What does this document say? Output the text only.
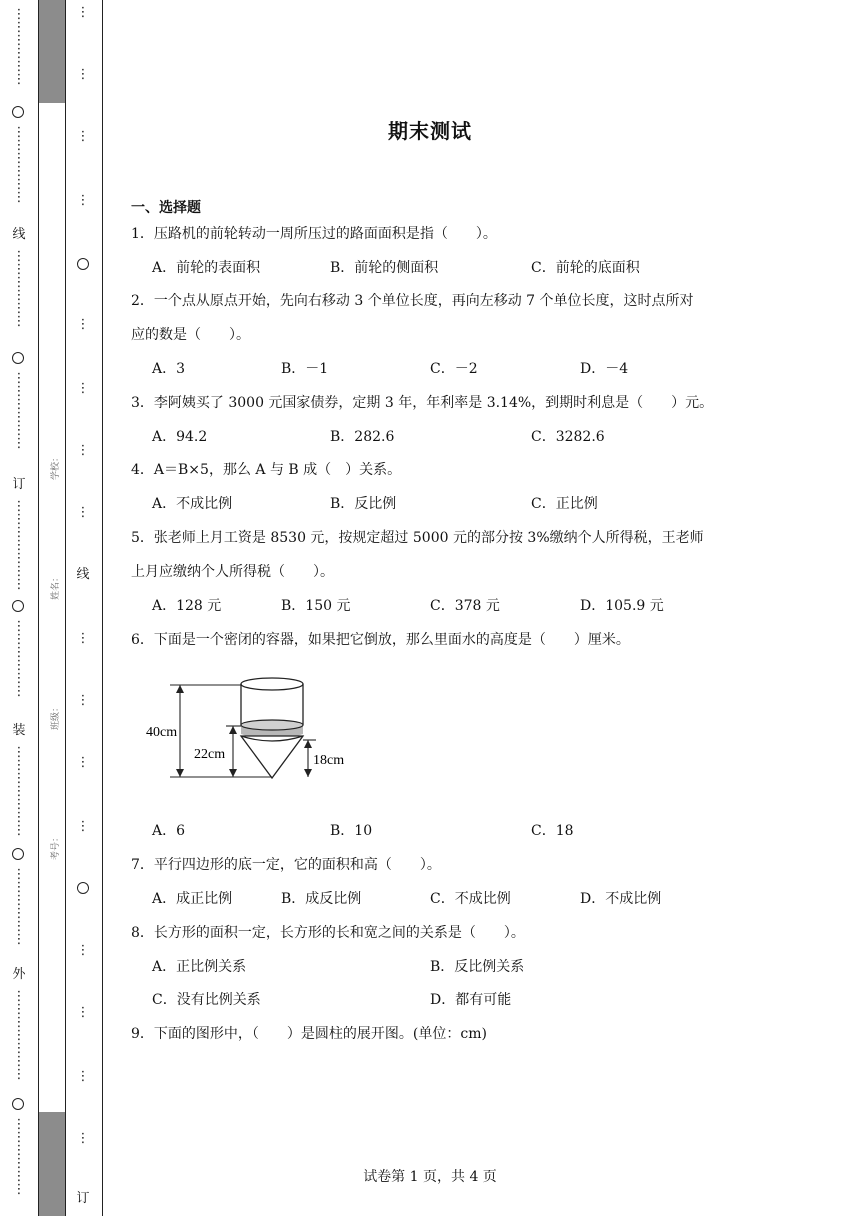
⋮
⋮
⋮
⋮
⋮
⋮
⋮
⋮
⋮
⋮
⋮
⋮
线
⋮
⋮
⋮
⋮
⋮
⋮
⋮
⋮
⋮
⋮
⋮
⋮
订
⋮
⋮
⋮
⋮
⋮
⋮
⋮
⋮
⋮
⋮
⋮
⋮
⋮
装
⋮
⋮
⋮
⋮
⋮
⋮
⋮
⋮
⋮
⋮
⋮
⋮
⋮
外
⋮
⋮
⋮
⋮
⋮
⋮
⋮
⋮
⋮
⋮
⋮
⋮
⋮
学校：
姓名：
班级：
考号：
⋮
⋮
⋮
⋮
⋮
⋮
⋮
⋮
线
⋮
⋮
⋮
⋮
⋮
⋮
⋮
⋮
订
期末测试
一、选择题
1．压路机的前轮转动一周所压过的路面面积是指（　　）。
A．前轮的表面积	B．前轮的侧面积	C．前轮的底面积
2．一个点从原点开始，先向右移动 3 个单位长度，再向左移动 7 个单位长度，这时点所对
应的数是（　　）。
A．3	B．－1	C．－2	D．－4
3．李阿姨买了 3000 元国家债券，定期 3 年，年利率是 3.14%，到期时利息是（　　）元。
A．94.2	B．282.6	C．3282.6
4．A＝B×5，那么 A 与 B 成（　）关系。
A．不成比例	B．反比例	C．正比例
5．张老师上月工资是 8530 元，按规定超过 5000 元的部分按 3%缴纳个人所得税，王老师
上月应缴纳个人所得税（　　）。
A．128 元	B．150 元	C．378 元	D．105.9 元
6．下面是一个密闭的容器，如果把它倒放，那么里面水的高度是（　　）厘米。
40cm
22cm	18cm
A．6	B．10	C．18
7．平行四边形的底一定，它的面积和高（　　）。
A．成正比例	B．成反比例	C．不成比例	D．不成比例
8．长方形的面积一定，长方形的长和宽之间的关系是（　　）。
A．正比例关系	B．反比例关系
C．没有比例关系	D．都有可能
9．下面的图形中，（　　）是圆柱的展开图。(单位：cm)
试卷第 1 页，共 4 页
